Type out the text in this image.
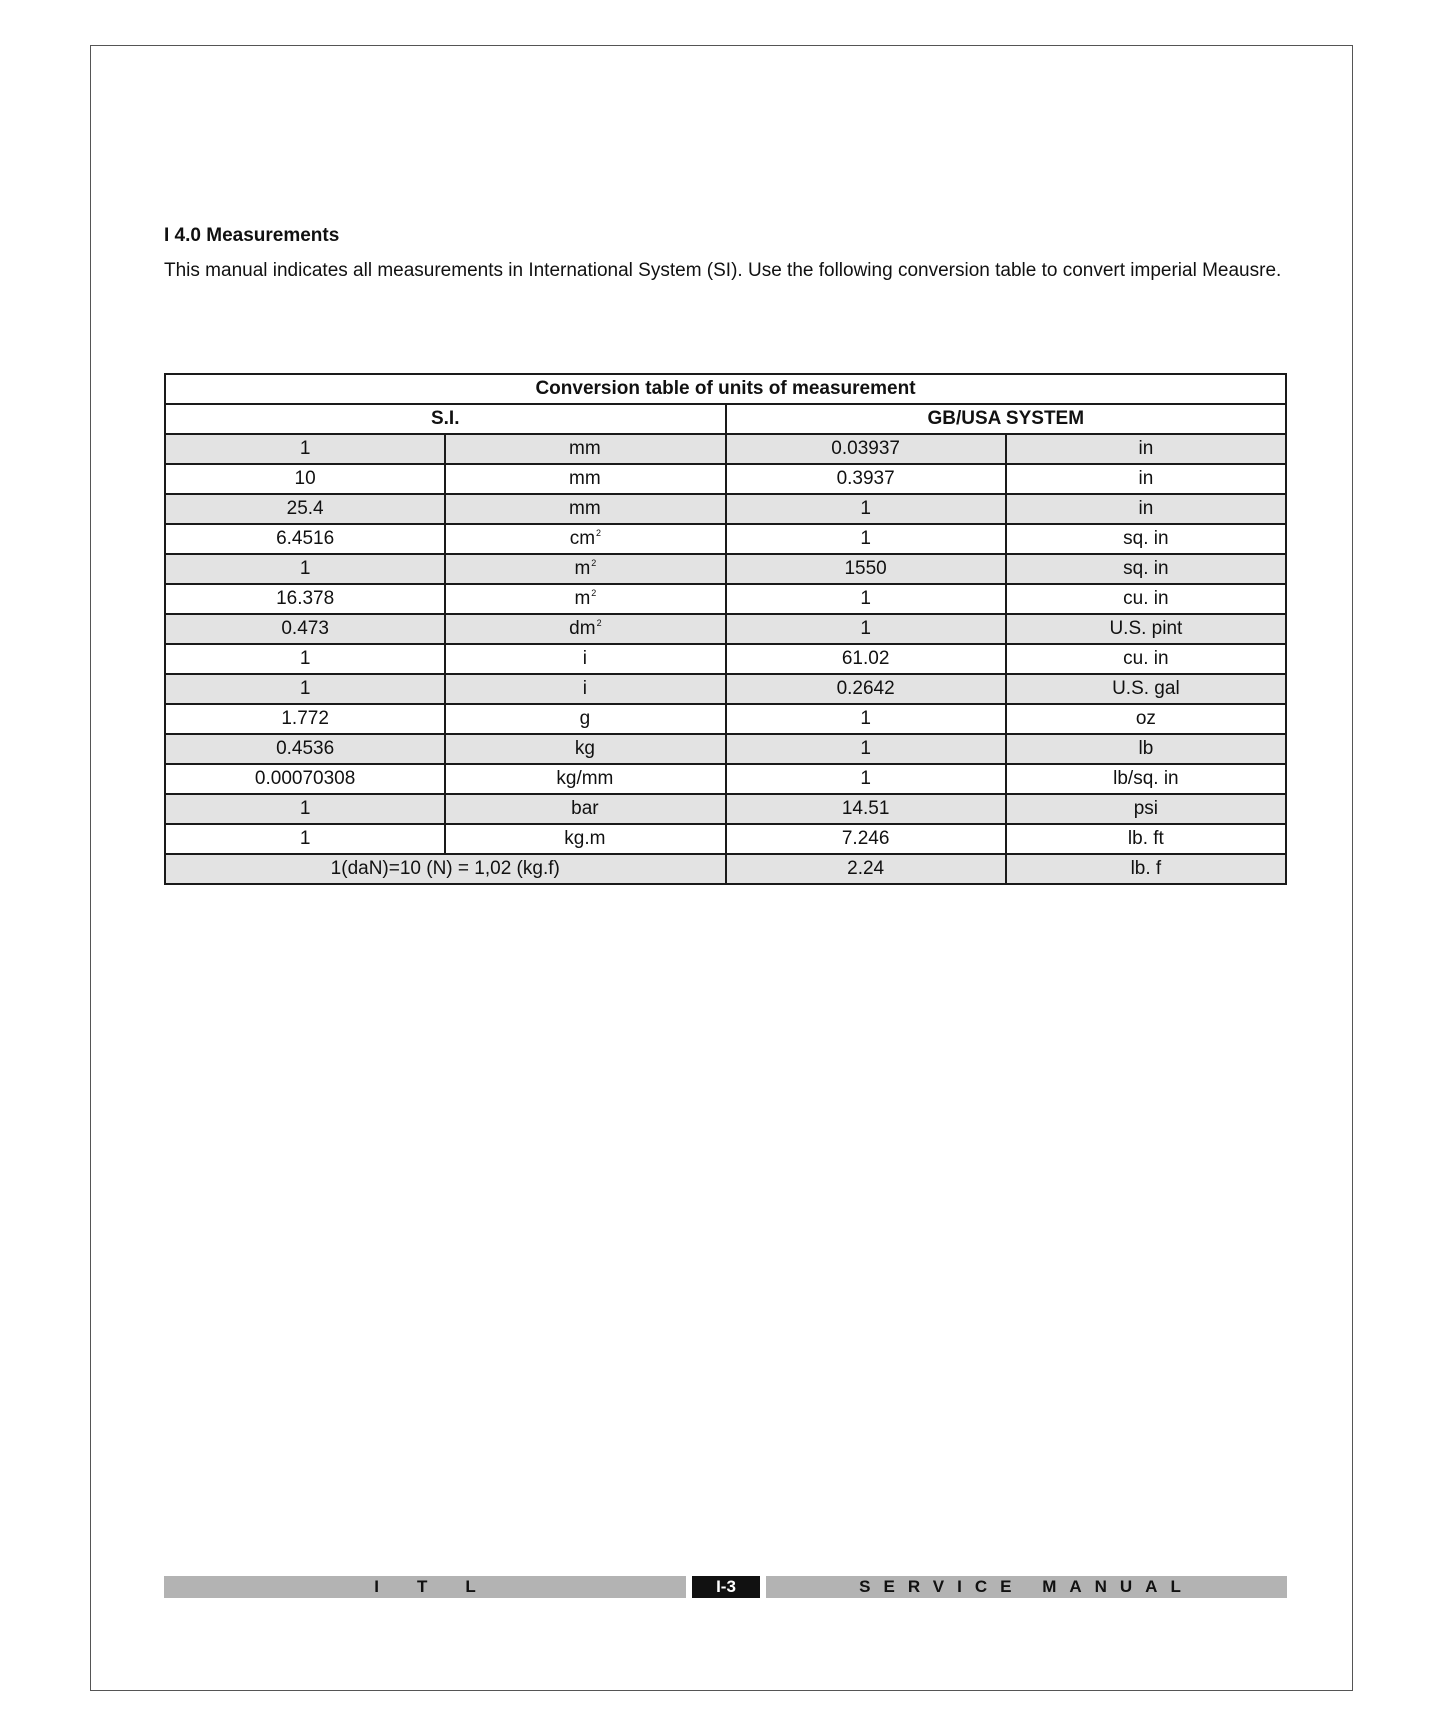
I 4.0 Measurements

This manual indicates all measurements in International System (SI). Use the following conversion table to convert imperial Meausre.

Conversion table of units of measurement			
S.I.		GB/USA SYSTEM	
1	mm	0.03937	in
10	mm	0.3937	in
25.4	mm	1	in
6.4516	$cm^2$	1	sq. in
1	$m^2$	1550	sq. in
16.378	$m^2$	1	cu. in
0.473	$dm^2$	1	U.S. pint
1	i	61.02	cu. in
1	i	0.2642	U.S. gal
1.772	g	1	oz
0.4536	kg	1	lb
0.00070308	kg/mm	1	lb/sq. in
1	bar	14.51	psi
1	kg.m	7.246	lb. ft
1(daN)=10 (N) = 1,02 (kg.f)		2.24	lb. f
I T L	I-3	SERVICE MANUAL
